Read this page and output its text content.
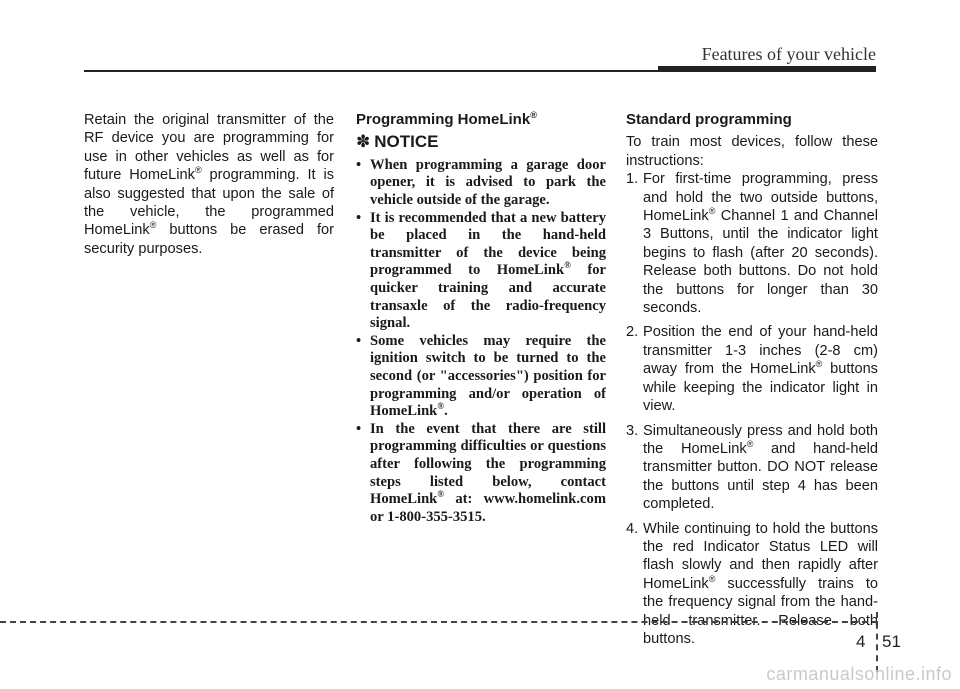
Features of your vehicle

Retain the original transmitter of the RF device you are programming for use in other vehicles as well as for future HomeLink® programming. It is also suggested that upon the sale of the vehicle, the programmed HomeLink® buttons be erased for security purposes.

Programming HomeLink®
✽ NOTICE
• When programming a garage door opener, it is advised to park the vehicle outside of the garage.
• It is recommended that a new battery be placed in the hand-held transmitter of the device being programmed to HomeLink® for quicker training and accurate transaxle of the radio-frequency signal.
• Some vehicles may require the ignition switch to be turned to the second (or "accessories") position for programming and/or operation of HomeLink®.
• In the event that there are still programming difficulties or questions after following the programming steps listed below, contact HomeLink® at: www.homelink.com or 1-800-355-3515.
Standard programming

To train most devices, follow these instructions:

1. For first-time programming, press and hold the two outside buttons, HomeLink® Channel 1 and Channel 3 Buttons, until the indicator light begins to flash (after 20 seconds). Release both buttons. Do not hold the buttons for longer than 30 seconds.
2. Position the end of your hand-held transmitter 1-3 inches (2-8 cm) away from the HomeLink® buttons while keeping the indicator light in view.
3. Simultaneously press and hold both the HomeLink® and hand-held transmitter button. DO NOT release the buttons until step 4 has been completed.
4. While continuing to hold the buttons the red Indicator Status LED will flash slowly and then rapidly after HomeLink® successfully trains to the frequency signal from the hand-held transmitter. Release both buttons.	4 51
carmanualsonline.info
